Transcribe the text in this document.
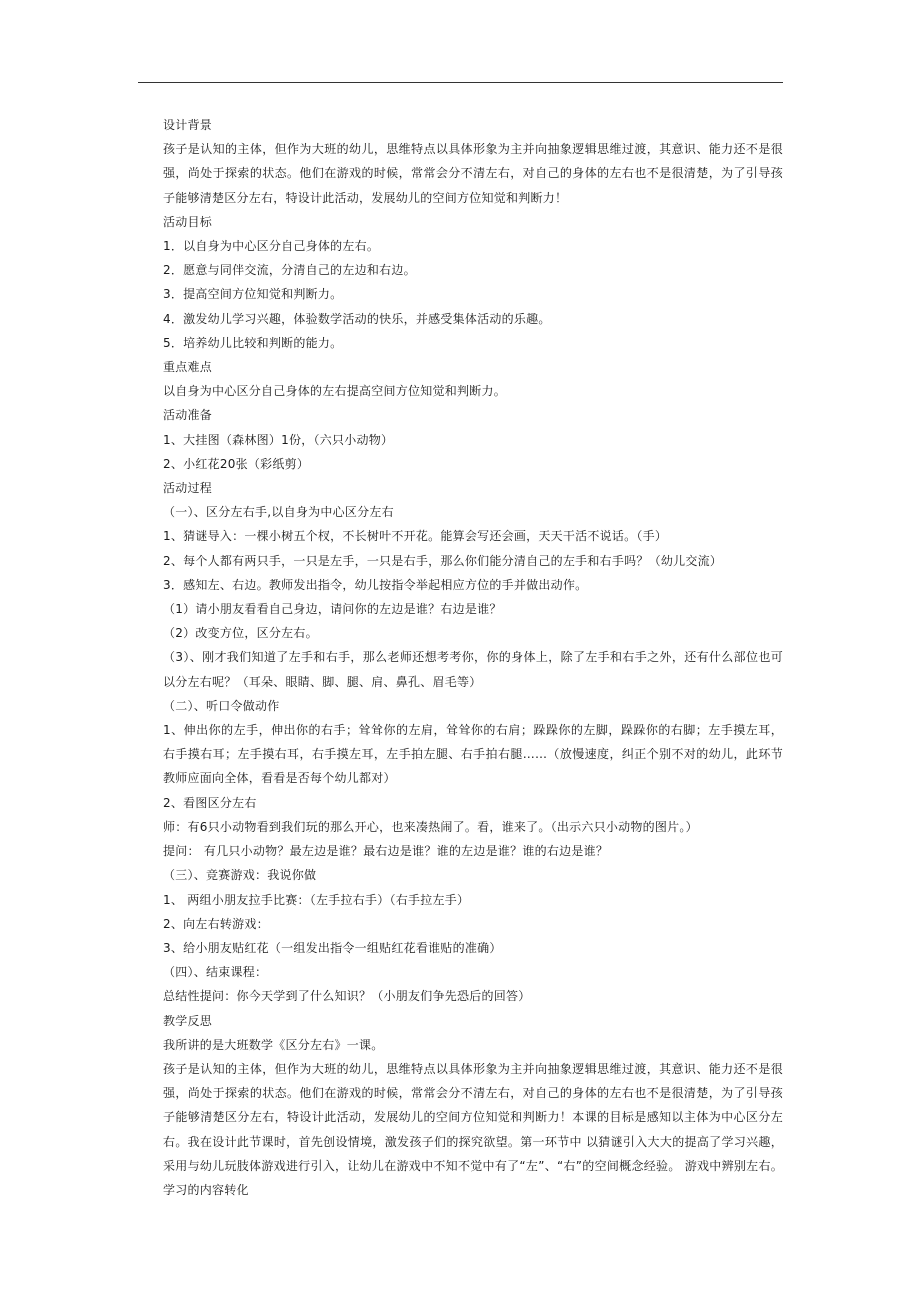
设计背景

孩子是认知的主体，但作为大班的幼儿，思维特点以具体形象为主并向抽象逻辑思维过渡，其意识、能力还不是很强，尚处于探索的状态。他们在游戏的时候，常常会分不清左右，对自己的身体的左右也不是很清楚，为了引导孩子能够清楚区分左右，特设计此活动，发展幼儿的空间方位知觉和判断力！

活动目标

1．以自身为中心区分自己身体的左右。

2．愿意与同伴交流，分清自己的左边和右边。

3．提高空间方位知觉和判断力。

4．激发幼儿学习兴趣，体验数学活动的快乐，并感受集体活动的乐趣。

5．培养幼儿比较和判断的能力。

重点难点

以自身为中心区分自己身体的左右提高空间方位知觉和判断力。

活动准备

1、大挂图（森林图）1份，（六只小动物）

2、小红花20张（彩纸剪）

活动过程

（一）、区分左右手,以自身为中心区分左右

1、猜谜导入：一棵小树五个杈，不长树叶不开花。能算会写还会画，天天干活不说话。（手）

2、每个人都有两只手，一只是左手，一只是右手，那么你们能分清自己的左手和右手吗？（幼儿交流）

3．感知左、右边。教师发出指令，幼儿按指令举起相应方位的手并做出动作。

（1）请小朋友看看自己身边，请问你的左边是谁？右边是谁？

（2）改变方位，区分左右。

（3）、刚才我们知道了左手和右手，那么老师还想考考你，你的身体上，除了左手和右手之外，还有什么部位也可以分左右呢？（耳朵、眼睛、脚、腿、肩、鼻孔、眉毛等）

（二）、听口令做动作

1、伸出你的左手，伸出你的右手；耸耸你的左肩，耸耸你的右肩；跺跺你的左脚，跺跺你的右脚；左手摸左耳，右手摸右耳；左手摸右耳，右手摸左耳，左手拍左腿、右手拍右腿……（放慢速度，纠正个别不对的幼儿，此环节教师应面向全体，看看是否每个幼儿都对）

2、看图区分左右

师：有6只小动物看到我们玩的那么开心，也来凑热闹了。看，谁来了。（出示六只小动物的图片。）

提问： 有几只小动物？最左边是谁？最右边是谁？谁的左边是谁？谁的右边是谁？

（三）、竞赛游戏：我说你做

1、 两组小朋友拉手比赛：（左手拉右手）（右手拉左手）

2、向左右转游戏：

3、给小朋友贴红花（一组发出指令一组贴红花看谁贴的准确）

（四）、结束课程：

总结性提问：你今天学到了什么知识？（小朋友们争先恐后的回答）

教学反思

我所讲的是大班数学《区分左右》一课。

孩子是认知的主体，但作为大班的幼儿，思维特点以具体形象为主并向抽象逻辑思维过渡，其意识、能力还不是很强，尚处于探索的状态。他们在游戏的时候，常常会分不清左右，对自己的身体的左右也不是很清楚，为了引导孩子能够清楚区分左右，特设计此活动，发展幼儿的空间方位知觉和判断力！本课的目标是感知以主体为中心区分左右。我在设计此节课时，首先创设情境，激发孩子们的探究欲望。第一环节中 以猜谜引入大大的提高了学习兴趣，采用与幼儿玩肢体游戏进行引入，让幼儿在游戏中不知不觉中有了“左”、“右”的空间概念经验。 游戏中辨别左右。学习的内容转化
